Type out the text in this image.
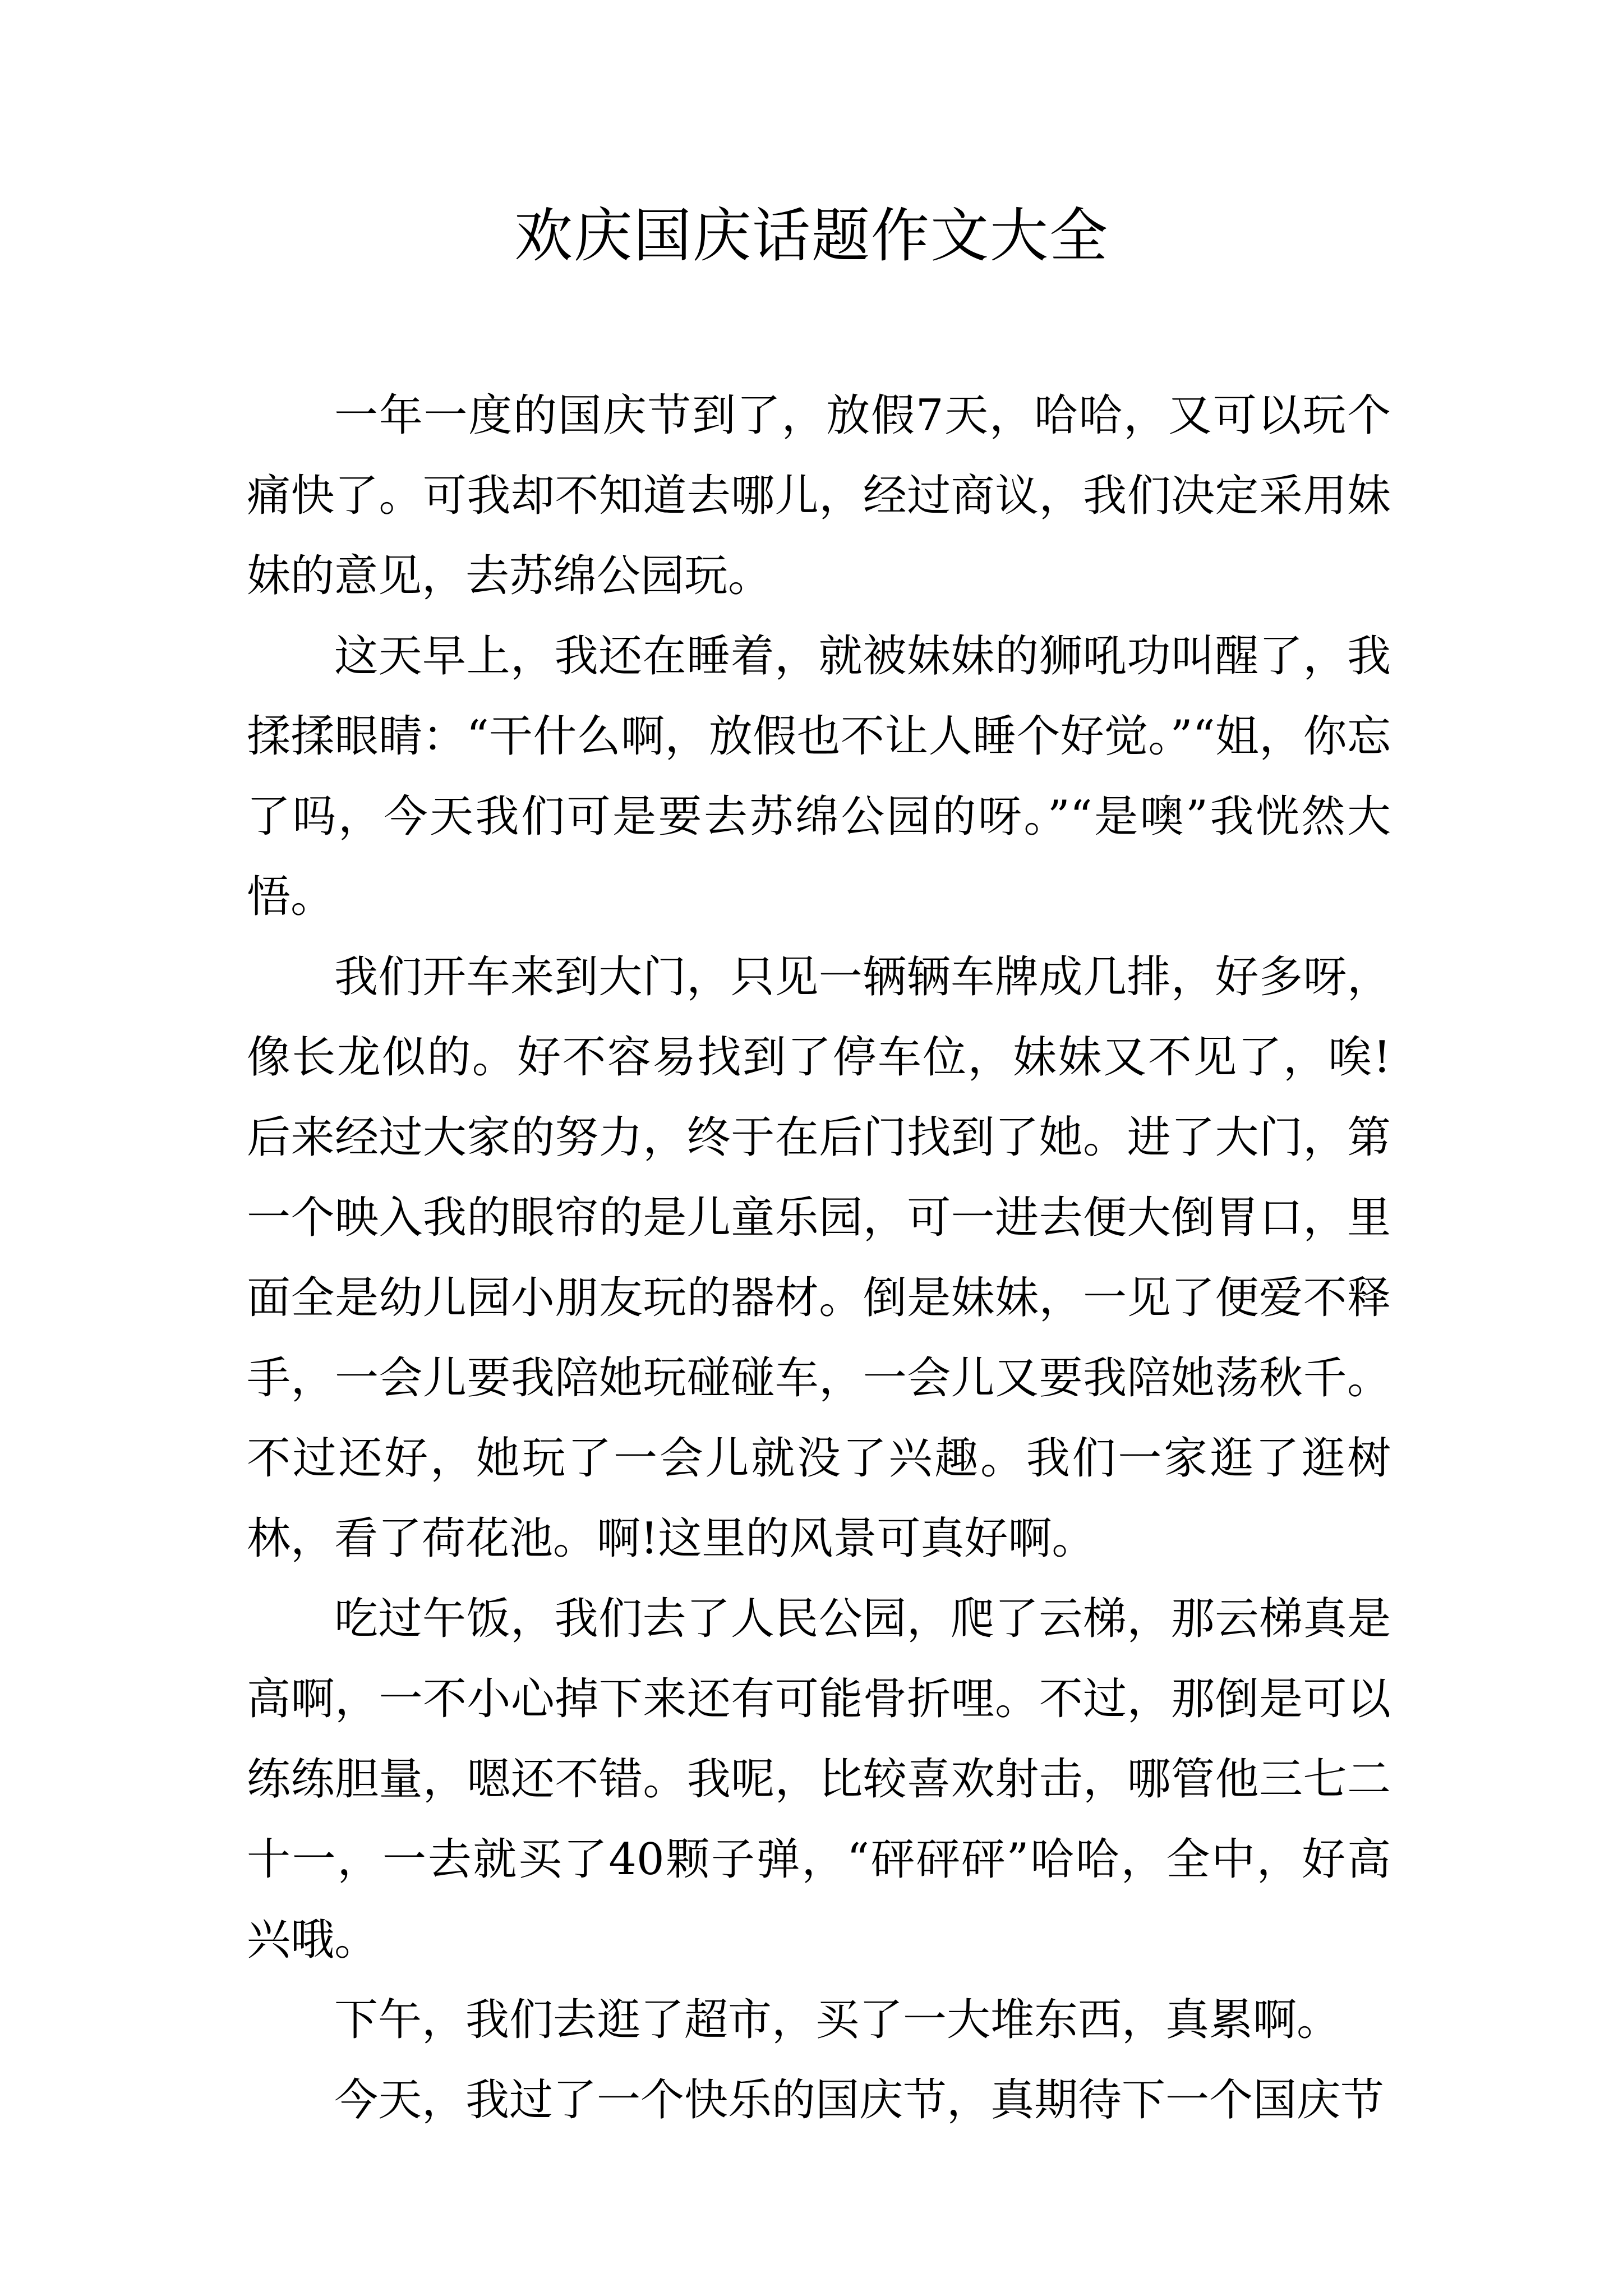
欢庆国庆话题作文大全

一年一度的国庆节到了，放假7天，哈哈，又可以玩个痛快了。可我却不知道去哪儿，经过商议，我们决定采用妹妹的意见，去苏绵公园玩。

这天早上，我还在睡着，就被妹妹的狮吼功叫醒了，我揉揉眼睛：“干什么啊，放假也不让人睡个好觉。”“姐，你忘了吗，今天我们可是要去苏绵公园的呀。”“是噢”我恍然大悟。

我们开车来到大门，只见一辆辆车牌成几排，好多呀，像长龙似的。好不容易找到了停车位，妹妹又不见了，唉!后来经过大家的努力，终于在后门找到了她。进了大门，第一个映入我的眼帘的是儿童乐园，可一进去便大倒胃口，里面全是幼儿园小朋友玩的器材。倒是妹妹，一见了便爱不释手，一会儿要我陪她玩碰碰车，一会儿又要我陪她荡秋千。不过还好，她玩了一会儿就没了兴趣。我们一家逛了逛树林，看了荷花池。啊!这里的风景可真好啊。

吃过午饭，我们去了人民公园，爬了云梯，那云梯真是高啊，一不小心掉下来还有可能骨折哩。不过，那倒是可以练练胆量，嗯还不错。我呢，比较喜欢射击，哪管他三七二十一，一去就买了40颗子弹，“砰砰砰”哈哈，全中，好高兴哦。

下午，我们去逛了超市，买了一大堆东西，真累啊。

今天，我过了一个快乐的国庆节，真期待下一个国庆节
